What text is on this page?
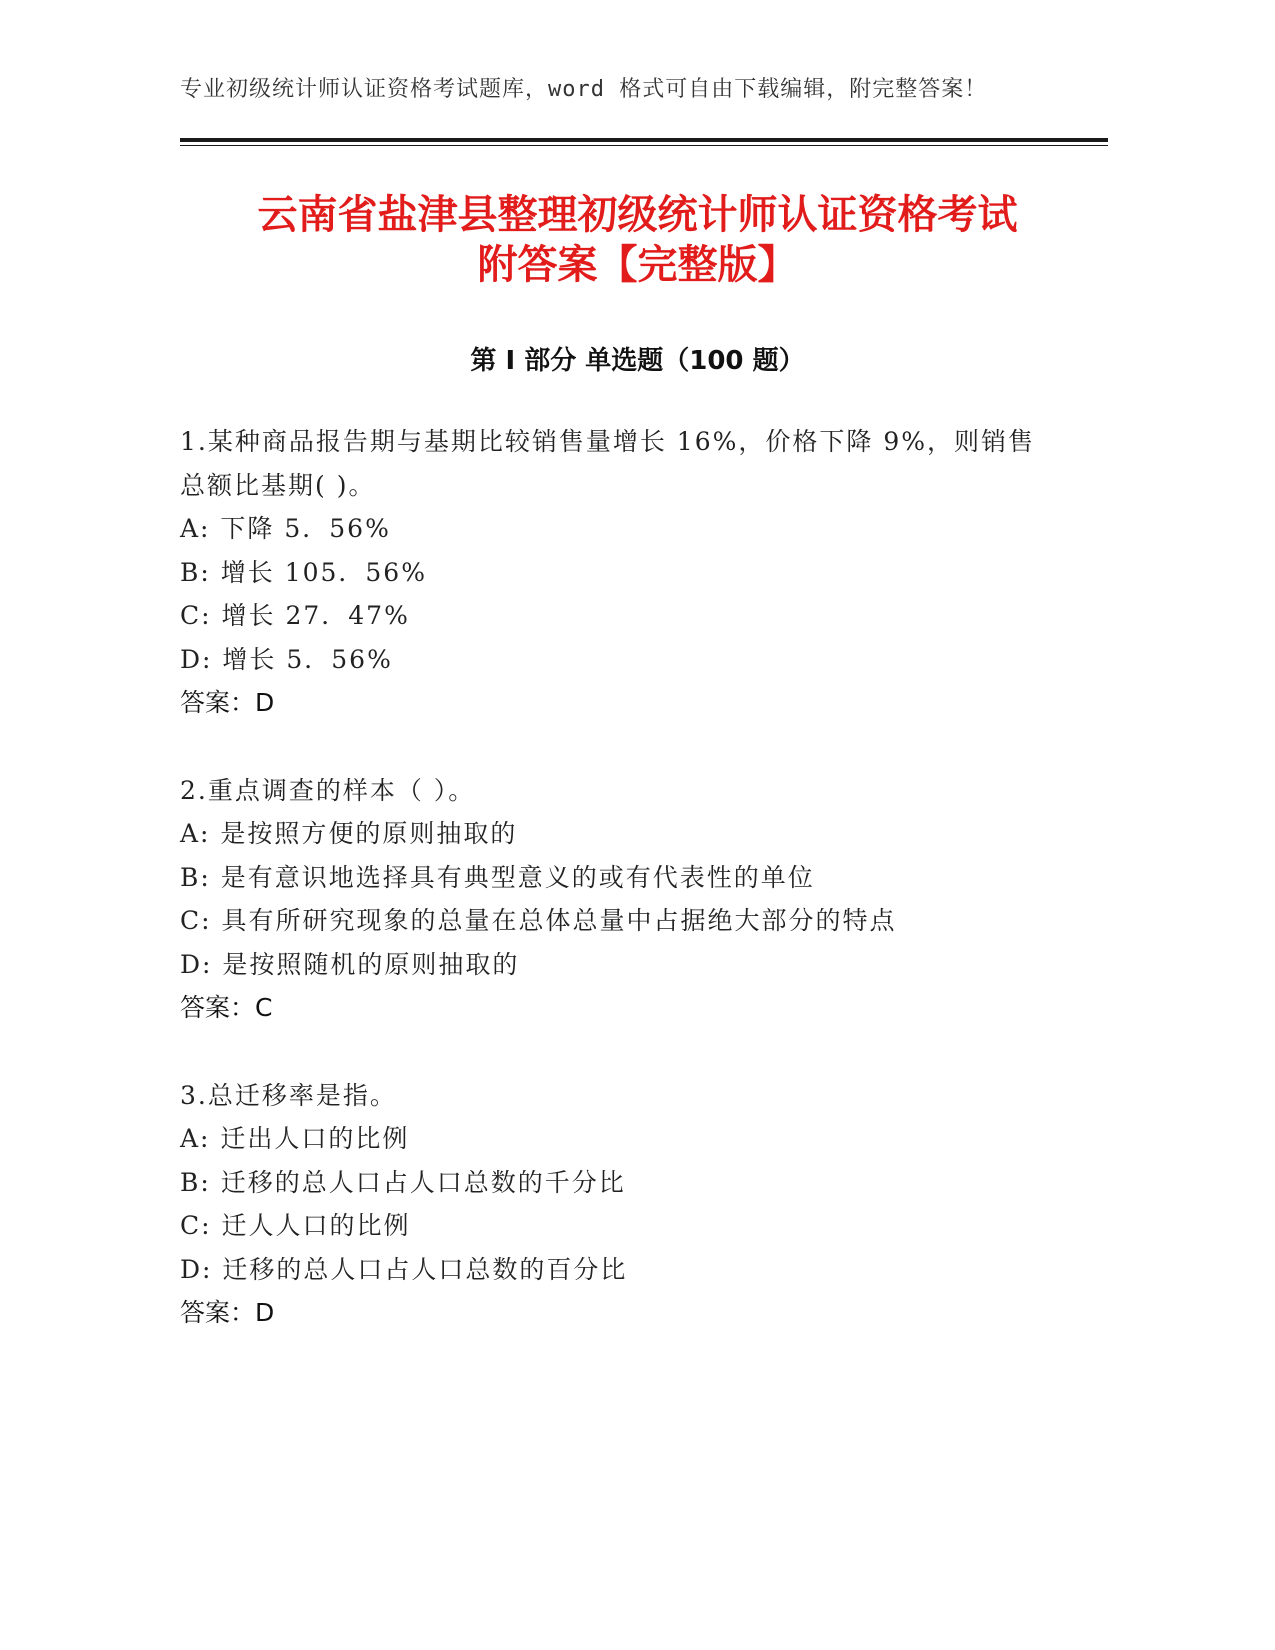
专业初级统计师认证资格考试题库，word 格式可自由下载编辑，附完整答案！
云南省盐津县整理初级统计师认证资格考试
附答案【完整版】
第 I 部分 单选题（100 题）
1.某种商品报告期与基期比较销售量增长 16%，价格下降 9%，则销售
总额比基期( )。
A: 下降 5．56%
B: 增长 105．56%
C: 增长 27．47%
D: 增长 5．56%
答案：D
2.重点调查的样本（ ）。
A: 是按照方便的原则抽取的
B: 是有意识地选择具有典型意义的或有代表性的单位
C: 具有所研究现象的总量在总体总量中占据绝大部分的特点
D: 是按照随机的原则抽取的
答案：C
3.总迁移率是指。
A: 迁出人口的比例
B: 迁移的总人口占人口总数的千分比
C: 迁人人口的比例
D: 迁移的总人口占人口总数的百分比
答案：D
